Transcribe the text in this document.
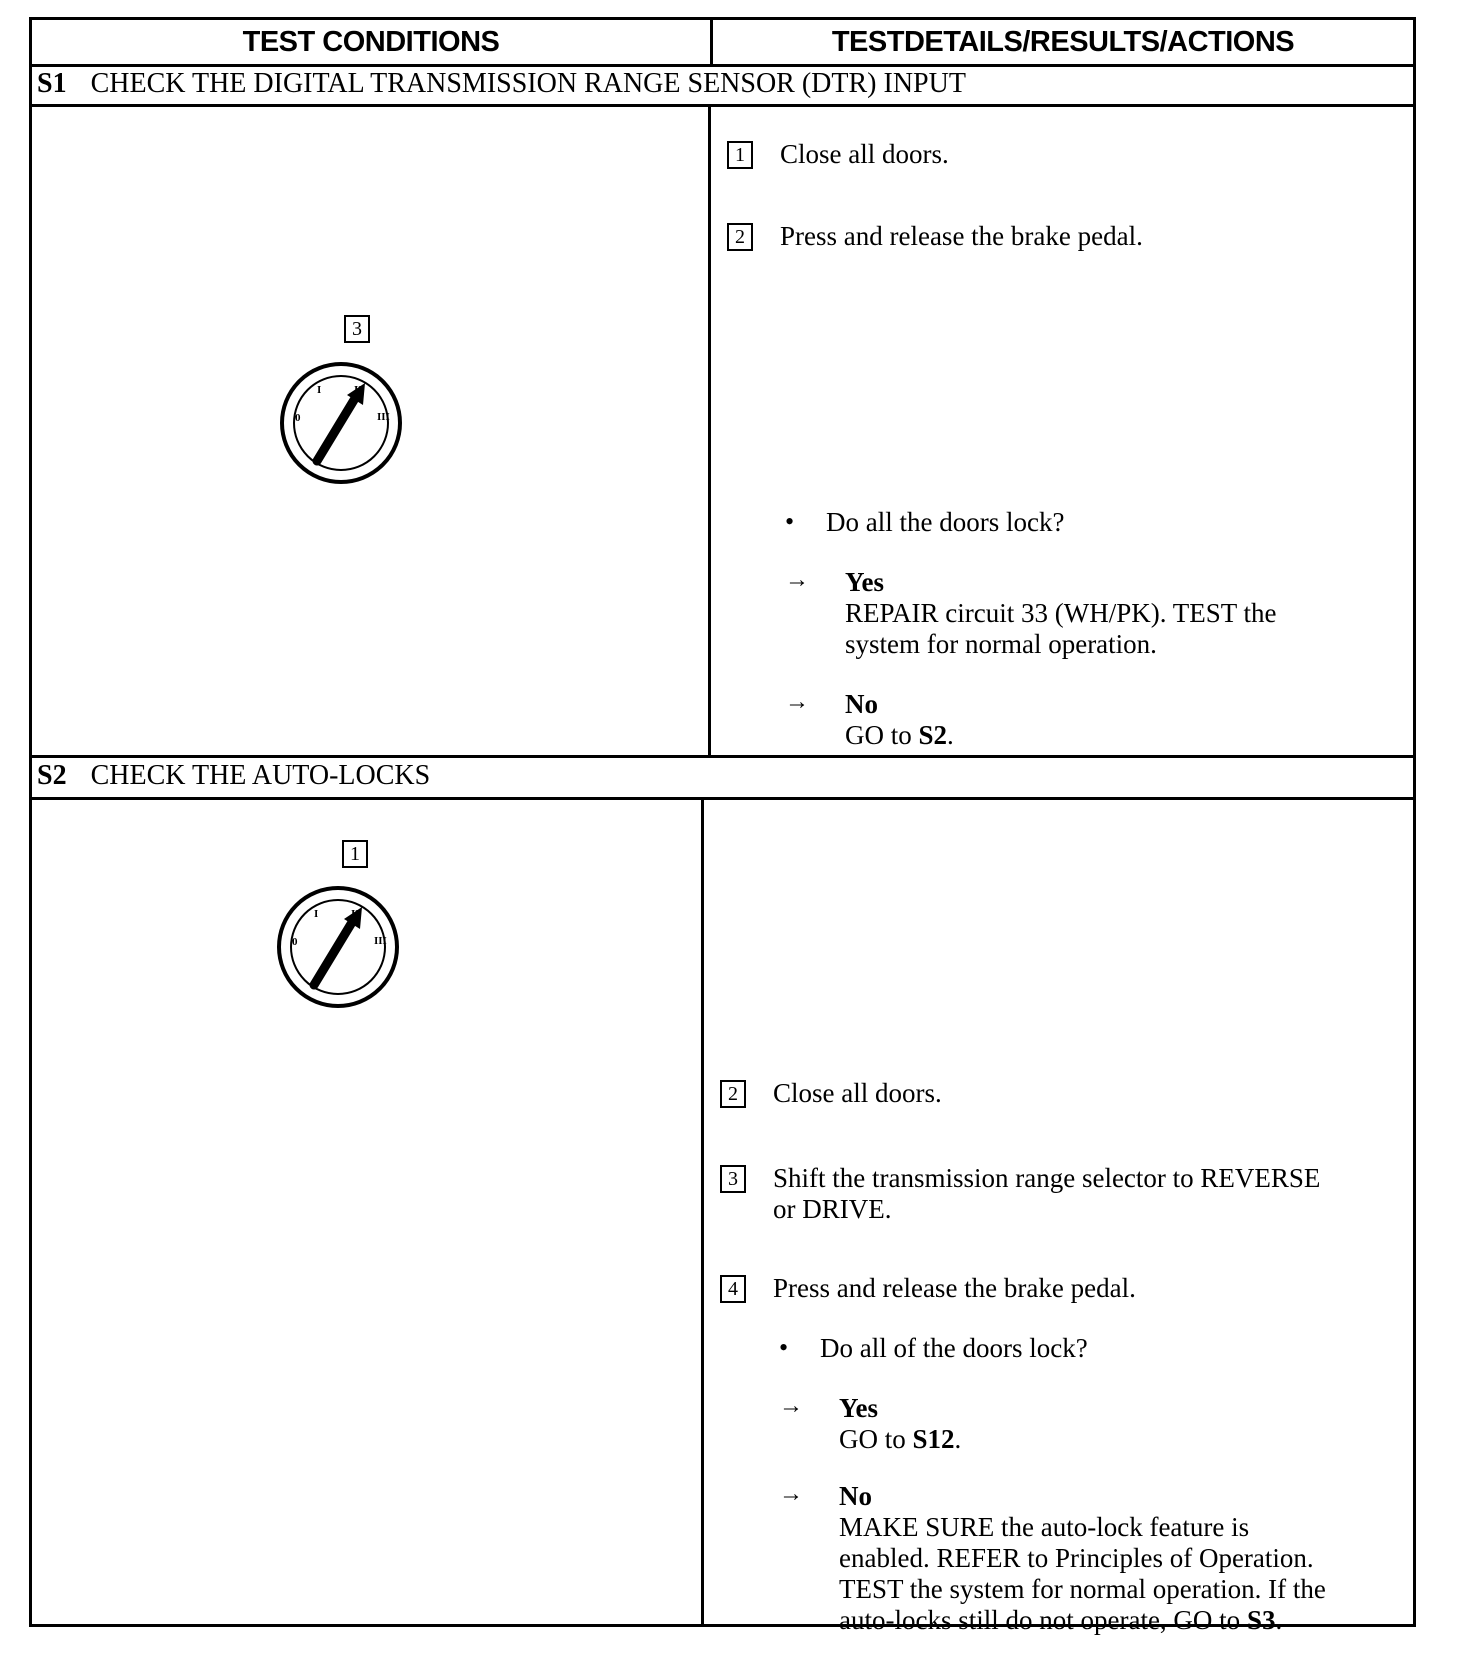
TEST CONDITIONS	TESTDETAILS/RESULTS/ACTIONS
S1 CHECK THE DIGITAL TRANSMISSION RANGE SENSOR (DTR) INPUT
3
0
I
III
1 Close all doors.
2 Press and release the brake pedal.
• Do all the doors lock?
→ Yes
REPAIR circuit 33 (WH/PK). TEST the
system for normal operation.
→ No
GO to S2.
S2 CHECK THE AUTO-LOCKS
1
0
I
III
2 Close all doors.
3 Shift the transmission range selector to REVERSE
or DRIVE.
4 Press and release the brake pedal.
• Do all of the doors lock?
→ Yes
GO to S12.
→ No
MAKE SURE the auto-lock feature is
enabled. REFER to Principles of Operation.
TEST the system for normal operation. If the
auto-locks still do not operate, GO to S3.
